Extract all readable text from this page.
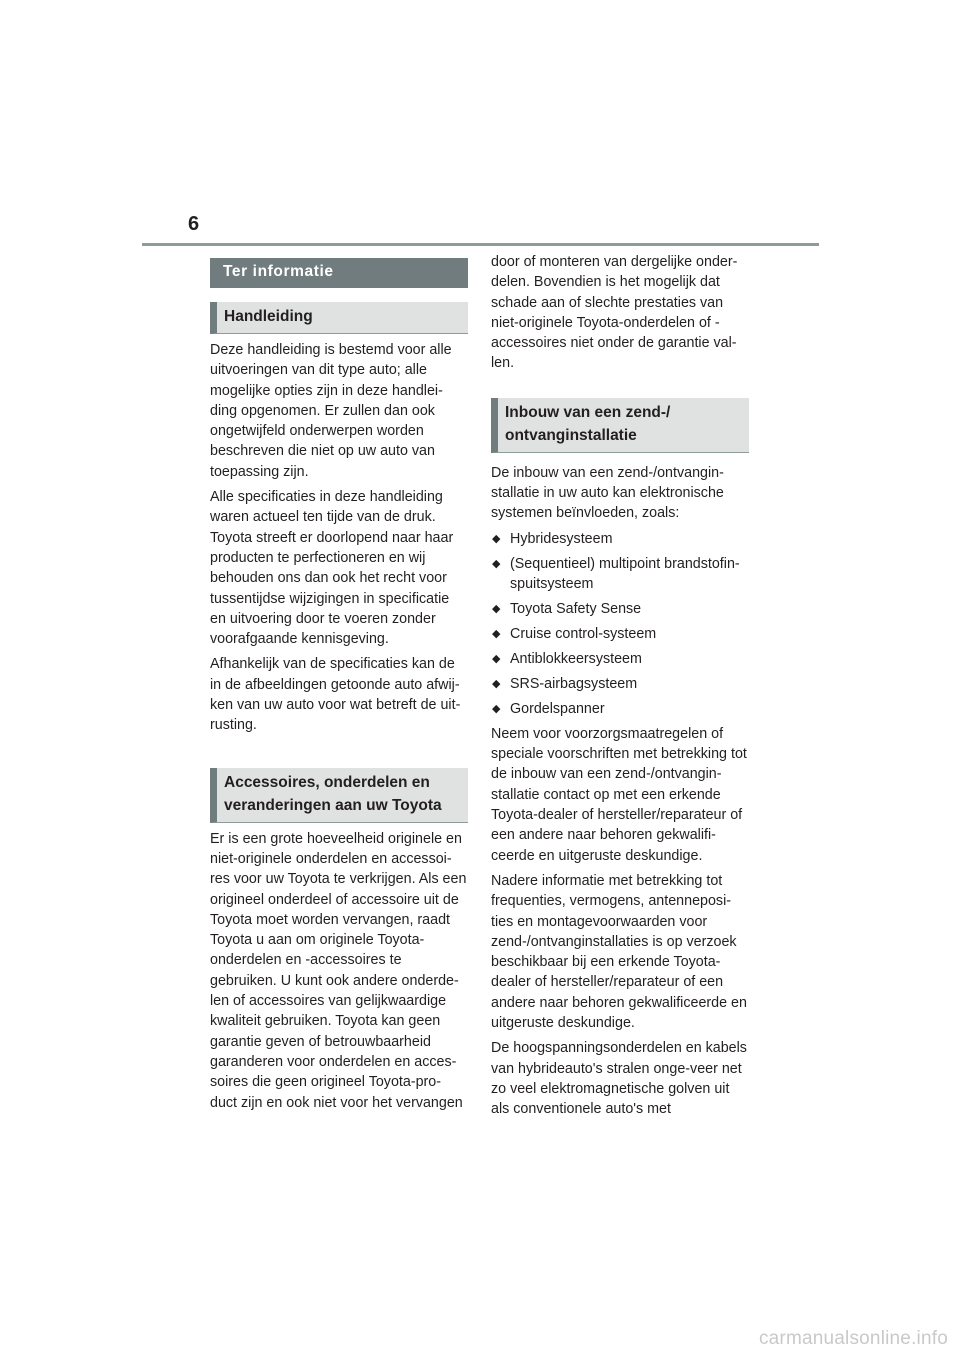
6
Ter informatie
Handleiding

Deze handleiding is bestemd voor alle uitvoeringen van dit type auto; alle mogelijke opties zijn in deze handlei-ding opgenomen. Er zullen dan ook ongetwijfeld onderwerpen worden beschreven die niet op uw auto van toepassing zijn.

Alle specificaties in deze handleiding waren actueel ten tijde van de druk. Toyota streeft er doorlopend naar haar producten te perfectioneren en wij behouden ons dan ook het recht voor tussentijdse wijzigingen in specificatie en uitvoering door te voeren zonder voorafgaande kennisgeving.

Afhankelijk van de specificaties kan de in de afbeeldingen getoonde auto afwij-ken van uw auto voor wat betreft de uit-rusting.

Accessoires, onderdelen en veranderingen aan uw Toyota

Er is een grote hoeveelheid originele en niet-originele onderdelen en accessoi-res voor uw Toyota te verkrijgen. Als een origineel onderdeel of accessoire uit de Toyota moet worden vervangen, raadt Toyota u aan om originele Toyota-onderdelen en -accessoires te gebruiken. U kunt ook andere onderde-len of accessoires van gelijkwaardige kwaliteit gebruiken. Toyota kan geen garantie geven of betrouwbaarheid garanderen voor onderdelen en acces-soires die geen origineel Toyota-pro-duct zijn en ook niet voor het vervangen

door of monteren van dergelijke onder-delen. Bovendien is het mogelijk dat schade aan of slechte prestaties van niet-originele Toyota-onderdelen of -accessoires niet onder de garantie val-len.

Inbouw van een zend-/ ontvanginstallatie

De inbouw van een zend-/ontvangin-stallatie in uw auto kan elektronische systemen beïnvloeden, zoals:

◆ Hybridesysteem
◆ (Sequentieel) multipoint brandstofin-spuitsysteem
◆ Toyota Safety Sense
◆ Cruise control-systeem
◆ Antiblokkeersysteem
◆ SRS-airbagsysteem
◆ Gordelspanner

Neem voor voorzorgsmaatregelen of speciale voorschriften met betrekking tot de inbouw van een zend-/ontvangin-stallatie contact op met een erkende Toyota-dealer of hersteller/reparateur of een andere naar behoren gekwalifi-ceerde en uitgeruste deskundige.

Nadere informatie met betrekking tot frequenties, vermogens, antenneposi-ties en montagevoorwaarden voor zend-/ontvanginstallaties is op verzoek beschikbaar bij een erkende Toyota-dealer of hersteller/reparateur of een andere naar behoren gekwalificeerde en uitgeruste deskundige.

De hoogspanningsonderdelen en kabels van hybrideauto's stralen onge-veer net zo veel elektromagnetische golven uit als conventionele auto's met

carmanualsonline.info
